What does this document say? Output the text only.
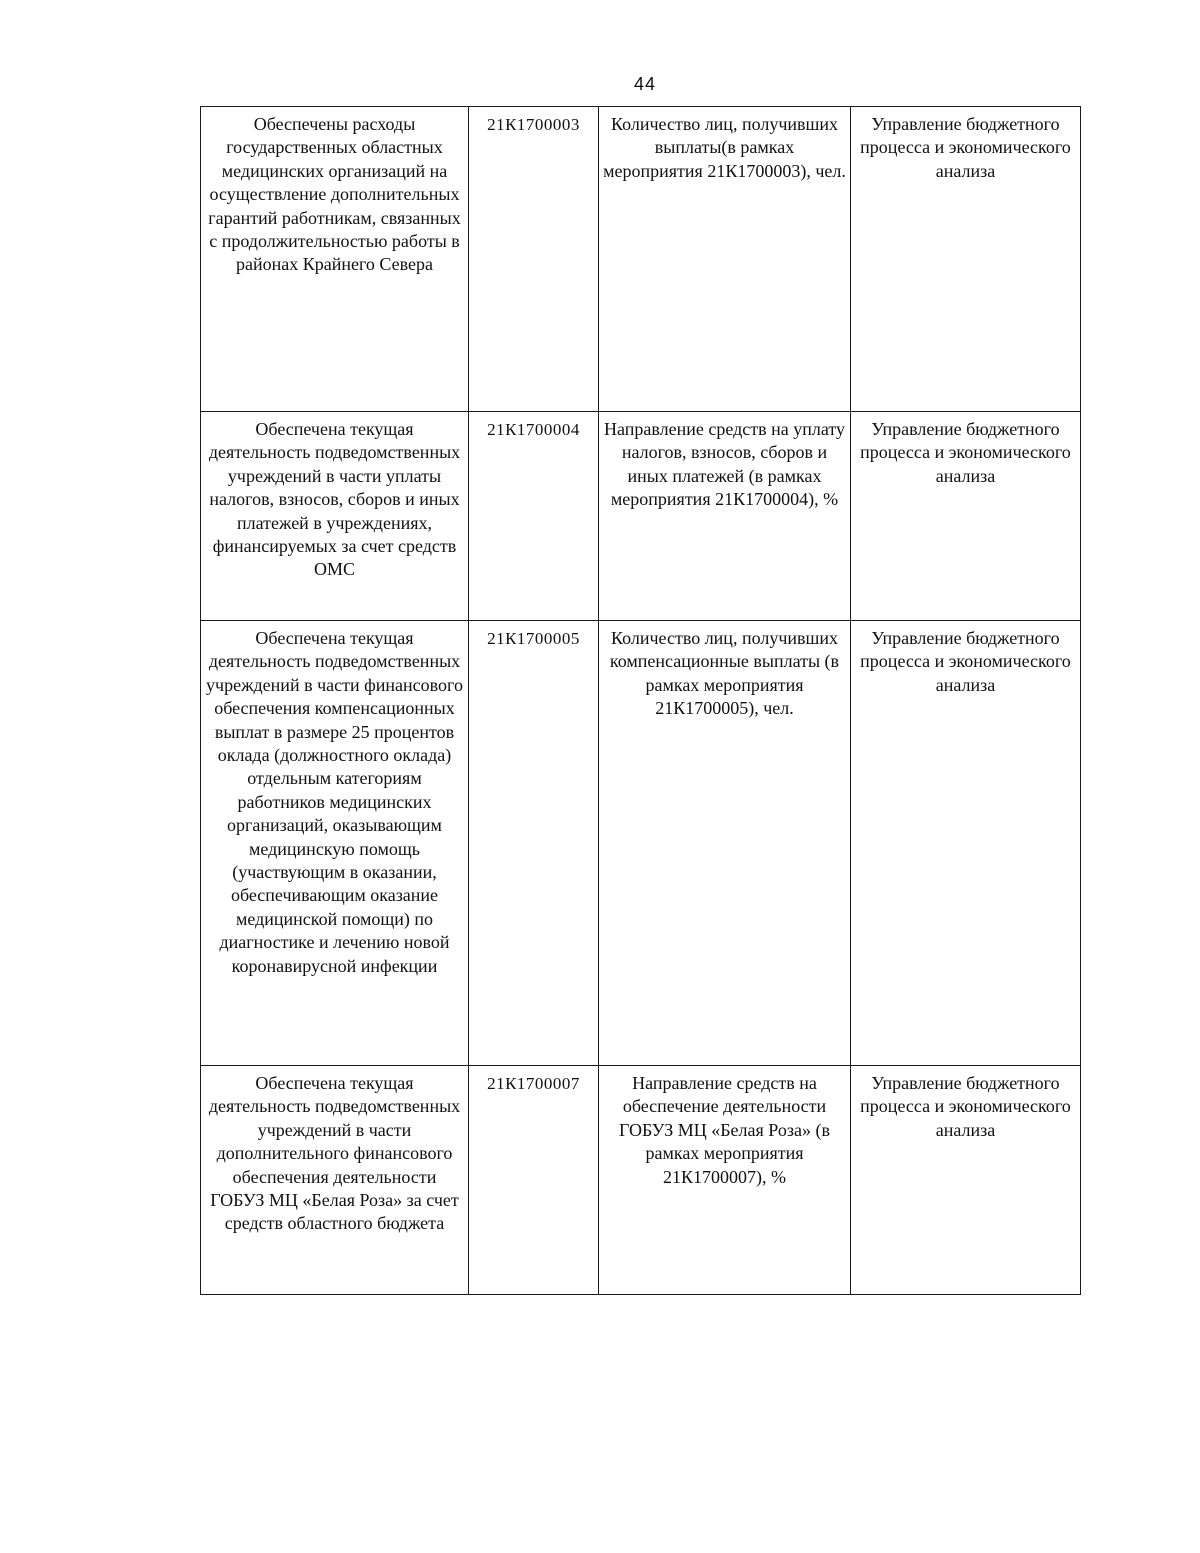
44
Обеспечены расходы государственных областных медицинских организаций на осуществление дополнительных гарантий работникам, связанных с продолжительностью работы в районах Крайнего Севера	21К1700003	Количество лиц, получивших выплаты(в рамках мероприятия 21К1700003), чел.	Управление бюджетного процесса и экономического анализа

Обеспечена текущая деятельность подведомственных учреждений в части уплаты налогов, взносов, сборов и иных платежей в учреждениях, финансируемых за счет средств ОМС	21К1700004	Направление средств на уплату налогов, взносов, сборов и иных платежей (в рамках мероприятия 21К1700004), %	Управление бюджетного процесса и экономического анализа

Обеспечена текущая деятельность подведомственных учреждений в части финансового обеспечения компенсационных выплат в размере 25 процентов оклада (должностного оклада) отдельным категориям работников медицинских организаций, оказывающим медицинскую помощь (участвующим в оказании, обеспечивающим оказание медицинской помощи) по диагностике и лечению новой коронавирусной инфекции	21К1700005	Количество лиц, получивших компенсационные выплаты (в рамках мероприятия 21К1700005), чел.	Управление бюджетного процесса и экономического анализа

Обеспечена текущая деятельность подведомственных учреждений в части дополнительного финансового обеспечения деятельности ГОБУЗ МЦ «Белая Роза» за счет средств областного бюджета	21К1700007	Направление средств на обеспечение деятельности ГОБУЗ МЦ «Белая Роза» (в рамках мероприятия 21К1700007), %	Управление бюджетного процесса и экономического анализа
